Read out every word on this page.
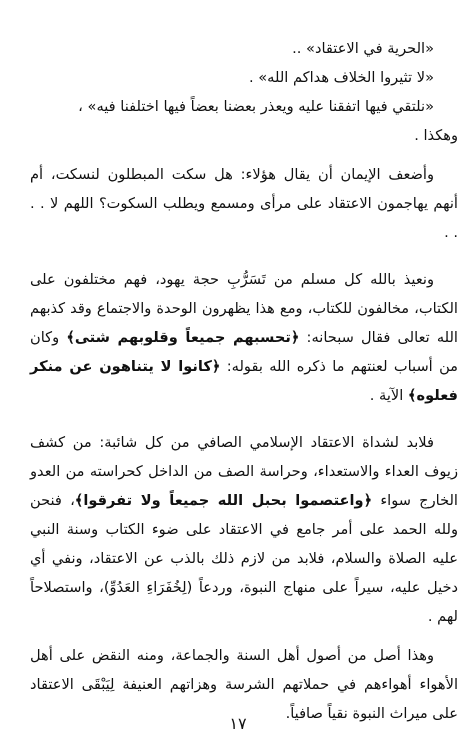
«الحرية في الاعتقاد» ..

«لا تثيروا الخلاف هداكم الله» .

«نلتقي فيها اتفقنا عليه ويعذر بعضنا بعضاً فيها اختلفنا فيه» ،

وهكذا .

وأضعف الإيمان أن يقال هؤلاء: هل سكت المبطلون لنسكت، أم أنهم يهاجمون الاعتقاد على مرأى ومسمع ويطلب السكوت؟ اللهم لا . . . .

ونعيذ بالله كل مسلم من تَسَرُّبِ حجة يهود، فهم مختلفون على الكتاب، مخالفون للكتاب، ومع هذا يظهرون الوحدة والاجتماع وقد كذبهم الله تعالى فقال سبحانه: ﴿تحسبهم جميعاً وقلوبهم شتى﴾ وكان من أسباب لعنتهم ما ذكره الله بقوله: ﴿كانوا لا يتناهون عن منكر فعلوه﴾ الآية .

فلابد لشداة الاعتقاد الإسلامي الصافي من كل شائبة: من كشف زيوف العداء والاستعداء، وحراسة الصف من الداخل كحراسته من العدو الخارج سواء ﴿واعتصموا بحبل الله جميعاً ولا تفرقوا﴾، فنحن ولله الحمد على أمر جامع في الاعتقاد على ضوء الكتاب وسنة النبي عليه الصلاة والسلام، فلابد من لازم ذلك بالذب عن الاعتقاد، ونفي أي دخيل عليه، سيراً على منهاج النبوة، وردعاً (لِخُفَرَاءِ العَدُوِّ)، واستصلاحاً لهم .

وهذا أصل من أصول أهل السنة والجماعة، ومنه النقض على أهل الأهواء أهواءهم في حملاتهم الشرسة وهزاتهم العنيفة لِيَبْقَى الاعتقاد على ميراث النبوة نقياً صافياً.

١٧
